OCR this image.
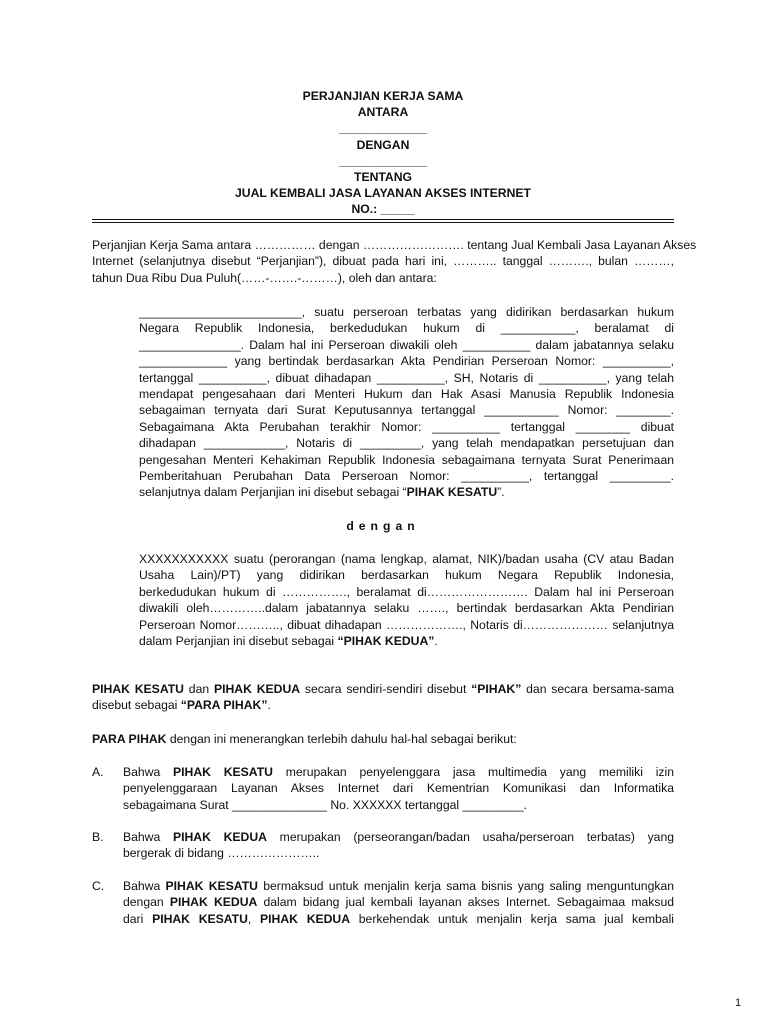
PERJANJIAN KERJA SAMA
ANTARA
_____________
DENGAN
_____________
TENTANG
JUAL KEMBALI JASA LAYANAN AKSES INTERNET
NO.: _____
Perjanjian Kerja Sama antara …………… dengan ……………………. tentang Jual Kembali Jasa Layanan Akses
Internet (selanjutnya disebut “Perjanjian”), dibuat pada hari ini, ……….. tanggal ………., bulan ………,
tahun Dua Ribu Dua Puluh(……-…….-………), oleh dan antara:
________________________, suatu perseroan terbatas yang didirikan berdasarkan hukum
Negara Republik Indonesia, berkedudukan hukum di ___________, beralamat di
_______________. Dalam hal ini Perseroan diwakili oleh __________ dalam jabatannya selaku
_____________ yang bertindak berdasarkan Akta Pendirian Perseroan Nomor: __________,
tertanggal __________, dibuat dihadapan __________, SH, Notaris di __________, yang telah
mendapat pengesahaan dari Menteri Hukum dan Hak Asasi Manusia Republik Indonesia
sebagaiman ternyata dari Surat Keputusannya tertanggal ___________ Nomor: ________.
Sebagaimana Akta Perubahan terakhir Nomor: __________ tertanggal ________ dibuat
dihadapan ____________, Notaris di _________, yang telah mendapatkan persetujuan dan
pengesahan Menteri Kehakiman Republik Indonesia sebagaimana ternyata Surat Penerimaan
Pemberitahuan Perubahan Data Perseroan Nomor: __________, tertanggal _________.
selanjutnya dalam Perjanjian ini disebut sebagai “PIHAK KESATU”.
dengan
XXXXXXXXXXX suatu (perorangan (nama lengkap, alamat, NIK)/badan usaha (CV atau Badan
Usaha Lain)/PT) yang didirikan berdasarkan hukum Negara Republik Indonesia,
berkedudukan hukum di ……………., beralamat di……………………. Dalam hal ini Perseroan
diwakili oleh…………..dalam jabatannya selaku ……., bertindak berdasarkan Akta Pendirian
Perseroan Nomor……….., dibuat dihadapan ………………., Notaris di………………… selanjutnya
dalam Perjanjian ini disebut sebagai “PIHAK KEDUA”.
PIHAK KESATU dan PIHAK KEDUA secara sendiri-sendiri disebut “PIHAK” dan secara bersama-sama
disebut sebagai “PARA PIHAK”.
PARA PIHAK dengan ini menerangkan terlebih dahulu hal-hal sebagai berikut:
A.	Bahwa PIHAK KESATU merupakan penyelenggara jasa multimedia yang memiliki izin
penyelenggaraan Layanan Akses Internet dari Kementrian Komunikasi dan Informatika
sebagaimana Surat ______________ No. XXXXXX tertanggal _________.
B.	Bahwa PIHAK KEDUA merupakan (perseorangan/badan usaha/perseroan terbatas) yang
bergerak di bidang …………………..
C.	Bahwa PIHAK KESATU bermaksud untuk menjalin kerja sama bisnis yang saling menguntungkan
dengan PIHAK KEDUA dalam bidang jual kembali layanan akses Internet. Sebagaimaa maksud
dari PIHAK KESATU, PIHAK KEDUA berkehendak untuk menjalin kerja sama jual kembali
1
